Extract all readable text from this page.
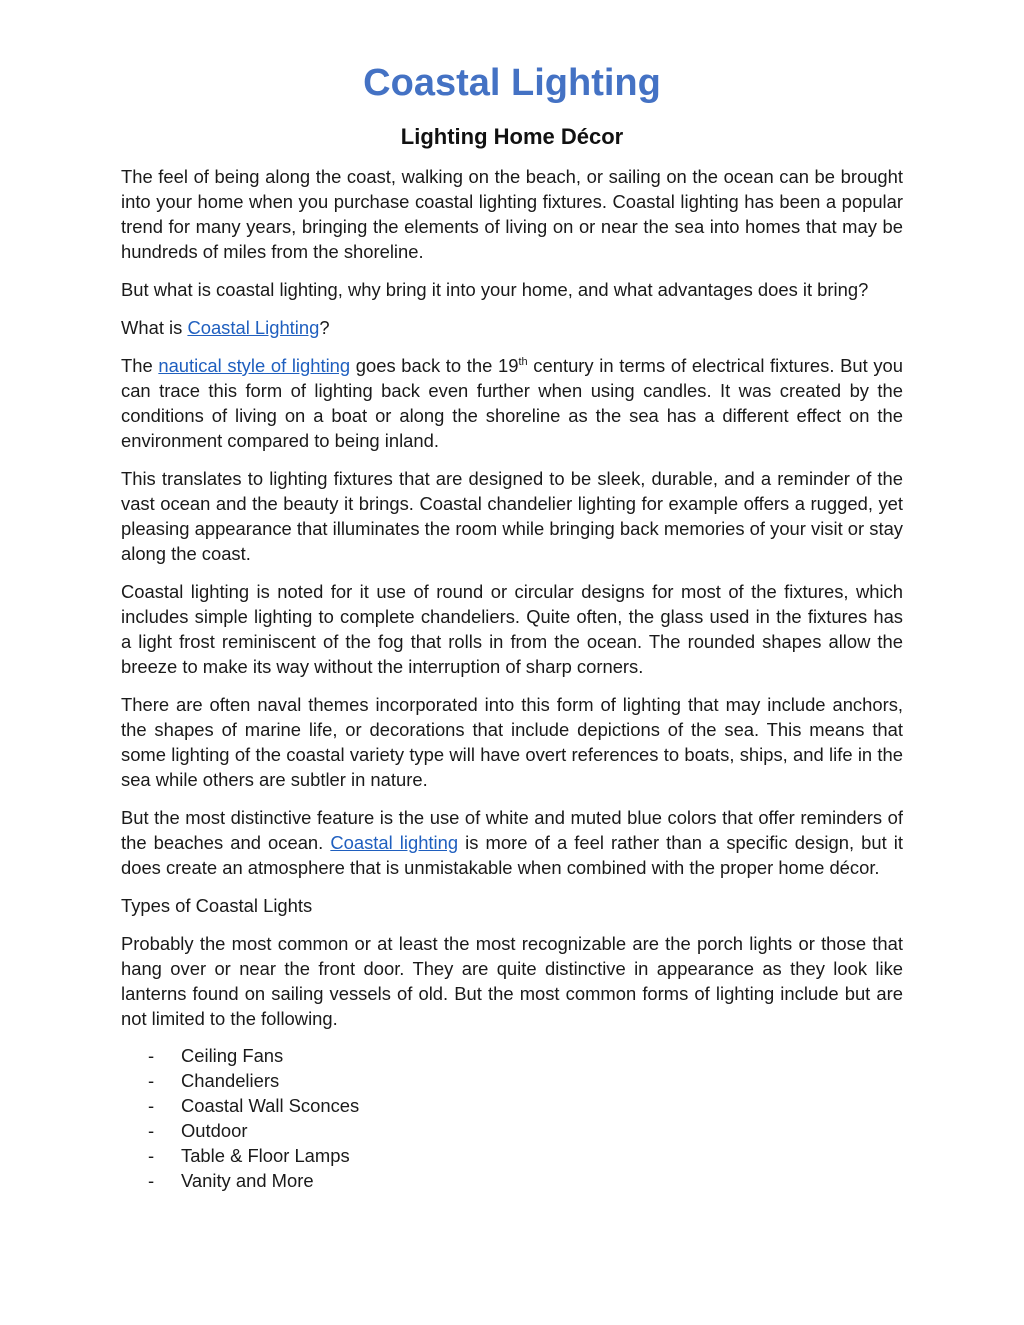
Coastal Lighting
Lighting Home Décor

The feel of being along the coast, walking on the beach, or sailing on the ocean can be brought into your home when you purchase coastal lighting fixtures. Coastal lighting has been a popular trend for many years, bringing the elements of living on or near the sea into homes that may be hundreds of miles from the shoreline.

But what is coastal lighting, why bring it into your home, and what advantages does it bring?

What is Coastal Lighting?

The nautical style of lighting goes back to the 19th century in terms of electrical fixtures. But you can trace this form of lighting back even further when using candles. It was created by the conditions of living on a boat or along the shoreline as the sea has a different effect on the environment compared to being inland.

This translates to lighting fixtures that are designed to be sleek, durable, and a reminder of the vast ocean and the beauty it brings. Coastal chandelier lighting for example offers a rugged, yet pleasing appearance that illuminates the room while bringing back memories of your visit or stay along the coast.

Coastal lighting is noted for it use of round or circular designs for most of the fixtures, which includes simple lighting to complete chandeliers. Quite often, the glass used in the fixtures has a light frost reminiscent of the fog that rolls in from the ocean. The rounded shapes allow the breeze to make its way without the interruption of sharp corners.

There are often naval themes incorporated into this form of lighting that may include anchors, the shapes of marine life, or decorations that include depictions of the sea. This means that some lighting of the coastal variety type will have overt references to boats, ships, and life in the sea while others are subtler in nature.

But the most distinctive feature is the use of white and muted blue colors that offer reminders of the beaches and ocean. Coastal lighting is more of a feel rather than a specific design, but it does create an atmosphere that is unmistakable when combined with the proper home décor.

Types of Coastal Lights

Probably the most common or at least the most recognizable are the porch lights or those that hang over or near the front door. They are quite distinctive in appearance as they look like lanterns found on sailing vessels of old. But the most common forms of lighting include but are not limited to the following.

- Ceiling Fans
- Chandeliers
- Coastal Wall Sconces
- Outdoor
- Table & Floor Lamps
- Vanity and More
